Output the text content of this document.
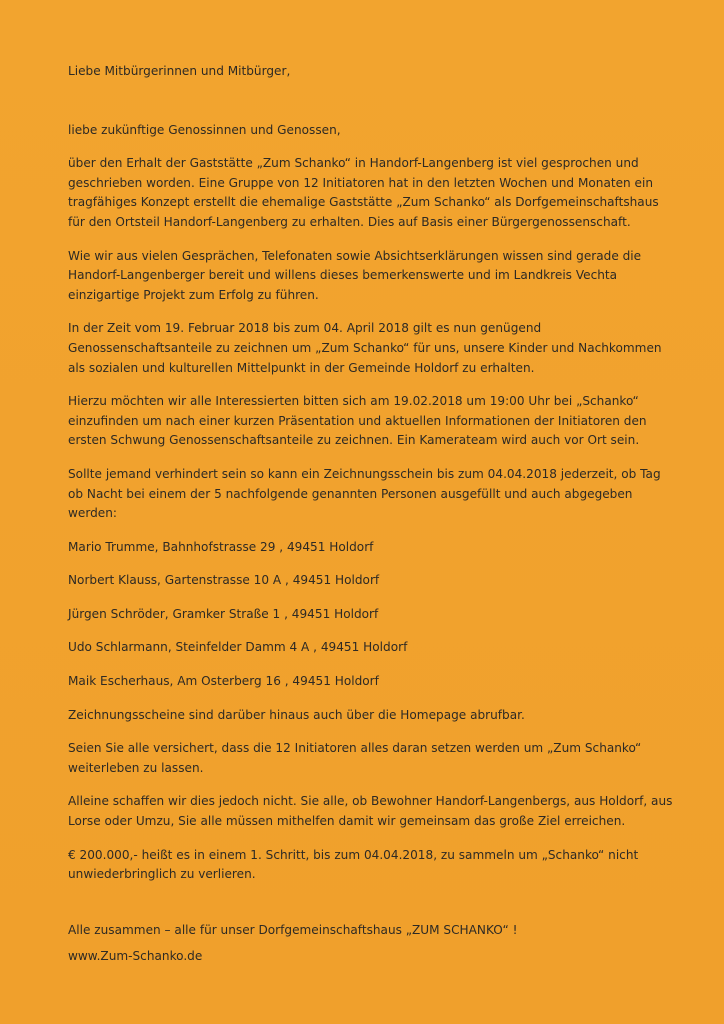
Liebe Mitbürgerinnen und Mitbürger,

liebe zukünftige Genossinnen und Genossen,

über den Erhalt der Gaststätte „Zum Schanko“ in Handorf-Langenberg ist viel gesprochen und geschrieben worden. Eine Gruppe von 12 Initiatoren hat in den letzten Wochen und Monaten ein tragfähiges Konzept erstellt die ehemalige Gaststätte „Zum Schanko“ als Dorfgemeinschaftshaus für den Ortsteil Handorf-Langenberg zu erhalten. Dies auf Basis einer Bürgergenossenschaft.

Wie wir aus vielen Gesprächen, Telefonaten sowie Absichtserklärungen wissen sind gerade die Handorf-Langenberger bereit und willens dieses bemerkenswerte und im Landkreis Vechta einzigartige Projekt zum Erfolg zu führen.

In der Zeit vom 19. Februar 2018 bis zum 04. April 2018 gilt es nun genügend Genossenschaftsanteile zu zeichnen um „Zum Schanko“ für uns, unsere Kinder und Nachkommen als sozialen und kulturellen Mittelpunkt in der Gemeinde Holdorf zu erhalten.

Hierzu möchten wir alle Interessierten bitten sich am 19.02.2018 um 19:00 Uhr bei „Schanko“ einzufinden um nach einer kurzen Präsentation und aktuellen Informationen der Initiatoren den ersten Schwung Genossenschaftsanteile zu zeichnen. Ein Kamerateam wird auch vor Ort sein.

Sollte jemand verhindert sein so kann ein Zeichnungsschein bis zum 04.04.2018 jederzeit, ob Tag ob Nacht bei einem der 5 nachfolgende genannten Personen ausgefüllt und auch abgegeben werden:

Mario Trumme, Bahnhofstrasse 29 , 49451 Holdorf

Norbert Klauss, Gartenstrasse 10 A , 49451 Holdorf

Jürgen Schröder, Gramker Straße 1 , 49451 Holdorf

Udo Schlarmann, Steinfelder Damm 4 A , 49451 Holdorf

Maik Escherhaus, Am Osterberg 16 , 49451 Holdorf

Zeichnungsscheine sind darüber hinaus auch über die Homepage abrufbar.

Seien Sie alle versichert, dass die 12 Initiatoren alles daran setzen werden um „Zum Schanko“ weiterleben zu lassen.

Alleine schaffen wir dies jedoch nicht. Sie alle, ob Bewohner Handorf-Langenbergs, aus Holdorf, aus Lorse oder Umzu, Sie alle müssen mithelfen damit wir gemeinsam das große Ziel erreichen.

€ 200.000,- heißt es in einem 1. Schritt, bis zum 04.04.2018, zu sammeln um „Schanko“ nicht unwiederbringlich zu verlieren.

Alle zusammen – alle für unser Dorfgemeinschaftshaus „ZUM SCHANKO“ !

www.Zum-Schanko.de
